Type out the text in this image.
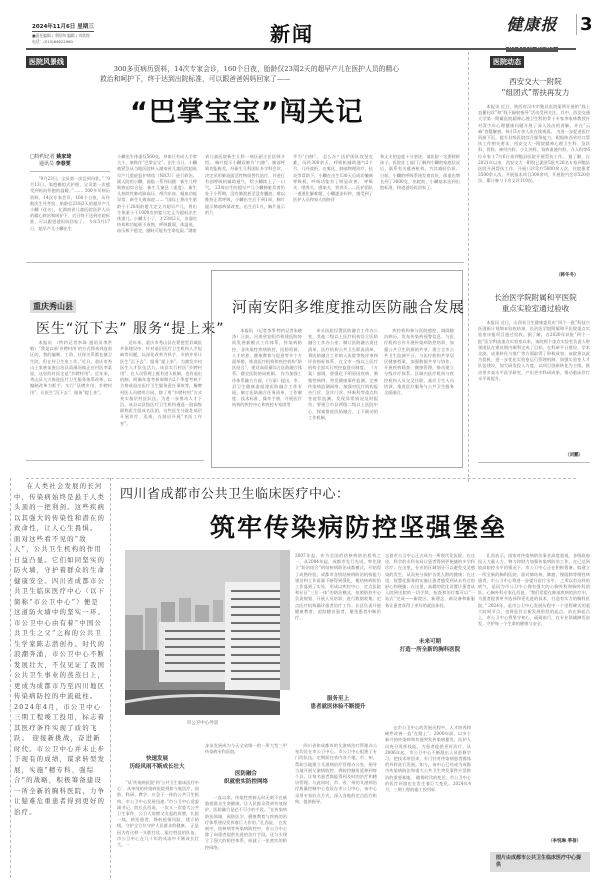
2024年11月6日 星期三
■责任编辑 / 李阳和 编辑 / 刘欣悦
电话：(010)64622960	新闻	健康报	3
医院风景线
300多页病历资料，14次专家会诊，160个日夜，胎龄仅23周2天的超早产儿在医护人员的精心救治和呵护下，终于达到出院标准，可以跟爸爸妈妈回家了——
“巴掌宝宝”闯关记
□特约记者 姚家琦
通讯员 李春雯
“9月23日，宝贝第一次尝到母乳。” “9月13日，家庭模拟式护理，宝贝第一次感受到妈妈怀抱的温暖。” …… 300多页病历资料，14次专家会诊，160个日夜，历经数次生死考验，胎龄仅23周2天的超早产儿小麟（化名），在湖南省儿童医院医护人员的精心救治和呵护下，近日终于达到出院标准，可以跟爸爸妈妈回家了。 今年5月17日，超早产儿小麟出生
小麟出生体重仅560克，身体只有成人手掌大小，被称作“巴掌宝宝”。出生当日，小麟被紧急从当地医院转入湖南省儿童医院超低早产儿重症监护病房（NICU）进行救治。 刚入院的小麟，面临一系列问题：新生儿呼吸窘迫综合征、新生儿窒息（重度）、新生儿持续性肺动脉高压、颅内出血、凝血功能异常、新生儿败血症…… “国际上将出生胎龄小于28周的婴儿定义为超早产儿，将出生体重小于1000克的婴儿定义为超低出生体重儿。小麟太小了，才23周2天，各器官结构和功能极不成熟，呼吸微弱，体温低，血压极不稳定，随时可能有生命危险。”湖南
省儿童医院新生儿科一病区副主任医师介绍。 胸片提示小麟双肺为“白肺”，肺部呼吸功能极差，经新生儿科团队多学科会诊，决定采用肺表面活性物质替代治疗，并进行有创呼吸机辅助通气，给小麟续上了一口气。 23周出生的超早产儿小麟肺脏发育仍处于小管期，没有肺泡甚至没有囊泡，难以维持正常呼吸。小麟出生后不到1周，胸片提示肺部病情改变，出生后1月，胸片显示的几
乎为“白肺”。 怎么办？医护团队攻坚克难，历经300余天，呼吸机辅助通气2个月，几经波折，在雾化、肺部物理治疗、抗炎等帮助下，小麟在出生130天后成功撤离呼吸机，呼吸功能有了明显改善。 呼吸关、喂养关、感染关、营养关……医护团队一道道化解难题，小麟逐步好转，感受到了医护人员和家人的陪伴
和丈夫的态度十分坚决，请医院一定要救救孩子。医院社工部门了解到小麟的家庭状况后，联系有关慈善机构，为其减轻负担。 日前，小麟的呼吸系统发育良好，体重也增长到了3000克，出院前，小麟基本达到出院标准，和爸爸妈妈回家了。
医院动态
西安交大一附院
“组团式”帮扶再发力
本报讯 近日，陕西省汉中市勉县医院案例开展的“线上直播问诊”和“线下辐射指导”活动受到关注。其中，西安交通大学第一附属医院精神心理卫生科的骨干专家李家林教授针对青少年心理健康问题开展了深入浅出的讲解，并在“云端”答疑解惑，吸引3万余人次在线观看。 为进一步促进医疗资源下沉，提升县级医院综合服务能力，根据陕西省对口帮扶工作相关要求，西安交大一附院精神心理卫生科、急诊科、骨科、神经内科、小儿外科、肾病血液内科、介入科等6位专家于7月6日来到勉县医院开展帮扶工作。 据了解，自2021年以来，西安交大一附院已派驻5批共26名专家到勉县医院开展帮扶工作，开展门诊诊疗5000余人次，住院患者3500余人次，开展技术项目300余项，开展院内会诊520余次，累计参与下乡义诊110次。
（韩冬冬）
长治医学院附属和平医院
重点实验室通过验收
本报讯 近日，山西省卫生健康委发布“四个一批”科技兴医创新计划期末验收结果，长治医学院附属和平医院重点实验室申报项目通过验收。据了解，自2020年获批“四个一批”医学科技重点实验室以来，该院两个重点实验室负责人带领团队在建设期内顺利完成了目标，在科研平台建设、学术交流、成果转化与推广等方面取得了积极成效。该院将以此为契机，进一步优化实验室运行管理机制，加强实验室人才队伍建设，加大研发投入力度，以项目创新转化为主线，推动更多高水平医学研究，产出更多科研成果，推动临床诊疗水平再提升。
（刘鹏）
重庆秀山县
医生“沉下去” 服务“提上来”
本报讯 （特约记者李珠 通讯员李洪敏）“我是以前‘乡聘村用’的方式将来到连南区的，我的编制、工资、社保关系都在镇卫生院，但在村卫生室工作。”近日，重庆市秀山土家族苗族自治县清溪场镇正在村医李某说，这里的村医全是“乡聘村用”。近年来，秀山县大力推进医疗卫生服务体系改革，以编制改革为抓手，实行“县聘乡用、乡聘村用”，让医生“沉下去”、服务“提上来”。
近年来，重庆市秀山县在紧密型县域医共体建设中，针对基层医疗卫生机构人才短缺等问题，以深化改革为抓手，多措并举让医生“沉下去”、服务“提上来”。为激发乡村医生人才队伍活力，该县实行村医“乡聘村用”，在人员管理上既有进人机制，也有退出机制，明确年度考核周期内2个季度考核不合格或退出医疗卫生服务责任事故等，解聘村医人员聘用合同。除了用“乡聘村用”方式充实基层村医队伍，为进一步推动人才下沉，该县以县级医疗卫生机构遴选一批高级职称医生组成名医团，这些医生分批赴基层开展诊疗、巡视，在基层开展“名医工作室”。
河南安阳多维度推动医防融合发展
本报讯 （记者李季 特约记者朱晓涛）日前，河南省安阳市构建医防协同发展新模式工作体系，传染病防控、非传染性疾病防控、医防资源、人才培养、健康教育与促进等多个方面举措，推进医疗机构和疾控机构“防医结合”，建设高质量综合医防融合体系，健全医防协同机制。 作为加强工作体系融合方面，《方案》提出，市、县卫生健康委组建医防融合工作专班，制订医防融合任务清单、工作制度、技术标准、操作手册，开展医疗机构的疾控中心和疾控专家团等
牵头医院设置医防融合工作办公室，其他二级以上医疗机构设立医防融合工作办公室；制订医防融合责任清单，医疗机构公共卫生职责清单，将医防融合工作纳入医院等级评审和评价指标体系，在全市一级以上医疗机构全面实行疾控监督员制度。 《方案》强调，要强化不明原因疾病、聚集性病例、突发健康事件监测，完善传染病监测网络，加强对医疗机构报告门诊、急诊门诊、呼吸科等重点科室症状监测，发现异常情况及时报告；要建立市县两级二级以上医院中心，探索推进医防融合、上下联动的工作机制。
疾控机构参与医院感控，调阅随访病历，发布传染病预警信息。与医疗机构合作开展传染病防控培训，加强公共卫生资源的共享，建立全市公共卫生监测平台。与医疗机构共享居民健康档案，加强数据共享与协作，开展疾病筛查、健康管理，推动建立分级诊疗体系。区域内医疗机构与疾控机构人员交叉任职，基层卫生人员培训，推进医疗服务与公共卫生服务全面融合。
在人类社会发展的长河中，传染病始终是悬于人类头顶的一把利剑。这些疾病以其强大的传染性和潜在的致命性，让人心生畏惧。 面对这些看不见的“敌人”，公共卫生机构的作用日益凸显。它们如同坚实的防火墙，守护着群众的生命健康安全。四川省成都市公共卫生临床医疗中心（以下简称“市公卫中心”）便是这道防火墙中的坚实一环。 市公卫中心由有着“中国公共卫生之父”之称的公共卫生学家陈志潜创办。时代的浪潮奔涌，市公卫中心不断发展壮大，不仅见证了我国公共卫生事业的蒸蒸日上，更成为成都市乃至四川地区传染病防控的中流砥柱。2024年4月，市公卫中心三期工程竣工投用，标志着其医疗条件实现了质的飞跃。 迎接新挑战，奋进新时代。市公卫中心并未止步于现有的成绩，谋求转型发展，实施“精专科、强综合”的战略，积极筹备建设一所全新的胸科医院，力争让疑难危重患者得到更好的治疗。
四川省成都市公共卫生临床医疗中心：
筑牢传染病防控坚强堡垒
市公卫中心外景
快速发展
历经风雨不断成长壮大
“从‘传染病医院’到‘公共卫生临床医疗中心’，从单纯的传染病医院到如今集医疗、预防、科研、教学、应急于一体的公共卫生机构，市公卫中心发展迅速。”市公卫中心党委副书记、院长孔西说，一次又一次重大公共卫生事件，公卫人肩膀又支起的肩膀，扎根一线，救治患者，降低疫情风险，建立防线，守护全方位守护人民群众的健康。 正是因为有这样一支敢打仗、能打胜仗的队伍，市公卫中心在几十年的风雨中不断成长壮大。一
步步发展成为今天全省唯一的一所大型三甲传染病专科医院。
医防融合
织就密实防控网络
一直以来，传染性疾病无时无刻不在威胁着群众生命健康。让人民群众得到有效保护，医防融合是必不可少的手段。“在传染病防治领域，预防医学、健康教育与疾病的治疗体系建设发挥着巨大作用。”孔西说。 在发展中，结核病等传染病防控中，市公卫中心除了向患者提供先进的治疗手段，还与头建立了强大的防控体系，织就了一张密实的防控网络。
四川省和成都市的艾滋病治疗管理办公室均设在市公卫中心。市公卫中心组建了专门的队伍，定期前往省内各个地、市、州，帮助当地建立艾滋病治疗管理办公室，指导当地开展艾滋病防控；将防控触角延伸到每个县，让每名患者都能得到及时的治疗和随访管理。与此同时，市、省、州的艾滋病治疗质量控制中心也设在市公卫中心，该中心采用专家驻点方式，深入各地的定点医疗机构，提供指导。
2007年起，作为全国的结核病防治机构之一，从2004年起，成都市先行先试，率先建立“防治结合”的结核病防治成都模式，开始得了成熟经验，成都市各级结核病防治机构能力建设和工作质量不断得到强化，使结核病防治工作落到了实处，形成以疾控中心、定点医院和社区“三位一体”的防治模式，按照防控中心负责规划、开展人员培训，进行数据收集；定点医疗机构确诊患者治疗工作；社区负责开展健康教育，追踪随访患者，避免患者中断治疗。
服务至上
患者就医体验不断提升
在市公卫中心的发展历程中，人才培养和硬件改善一直“在路上”。2000年前，以多个新兴的传染病和其他突发传染病暴发，医护人员充分发挥技能，为患者提供更好治疗。从2006年起，市公卫中心不断派出人员进修学习，把技术带回来，专门针对传染病患者群体的外科进行发展。如今，该中心已经成为成都市传染病防治和重大公共卫生突发事件应急救治的重要基地。 随着时代的变迁，市公卫中心的医疗环境也在发生着巨大变化。2024年4月，三期工程的竣工投用标
志着市公卫中心正式成为一所现代化医院。在这里，科学的专科布局让患者得到更便捷的多学科诊疗；在这里，专业的区域划分可以避免交叉感染的发生，从而充分保护各类人群的健康；在这里，智慧化服务的实施让患者感受到从未有过的舒心和便捷；在这里，高精的优化设置让患者从入院到出院的一切手续，检查和治疗都可以“一站式”完成——新院区、新理念、新设备和新服务让患者获得了更好的就医体验。
未来可期
打造一所全新的胸科医院
孔西表示，国家对传染病防治事业高度重视，各级政府投入大量人力、物力和财力加强传染病防治工作。在已达到较高防控水平的情况下，市公卫中心正在积极筹备，拟建立一所全新的胸科医院，面对肺结核、肺癌、慢阻肺等慢性病患者，市公卫中心将进一步提升医疗水平。 之所以有这样的底气，是因为市公卫中心拥有强大的心胸外科和胸外科团队。心胸外科专家孔西说，“我们希望在肺部疾病的治疗中，为患者提供更多选择和更先进的技术，打造有实力的胸科医院。” 2024年，是市公卫中心发展历程中一个里程碑式的重大时间节点，也将是其全新发展阶段的起点。站在新起点上，市公卫中心将坚守初心，砥砺前行，在专业领域踔厉奋发，守护每一个生命的健康与安全。
（李悦琳 季蓓）
图片由成都市公共卫生临床医疗中心提供
